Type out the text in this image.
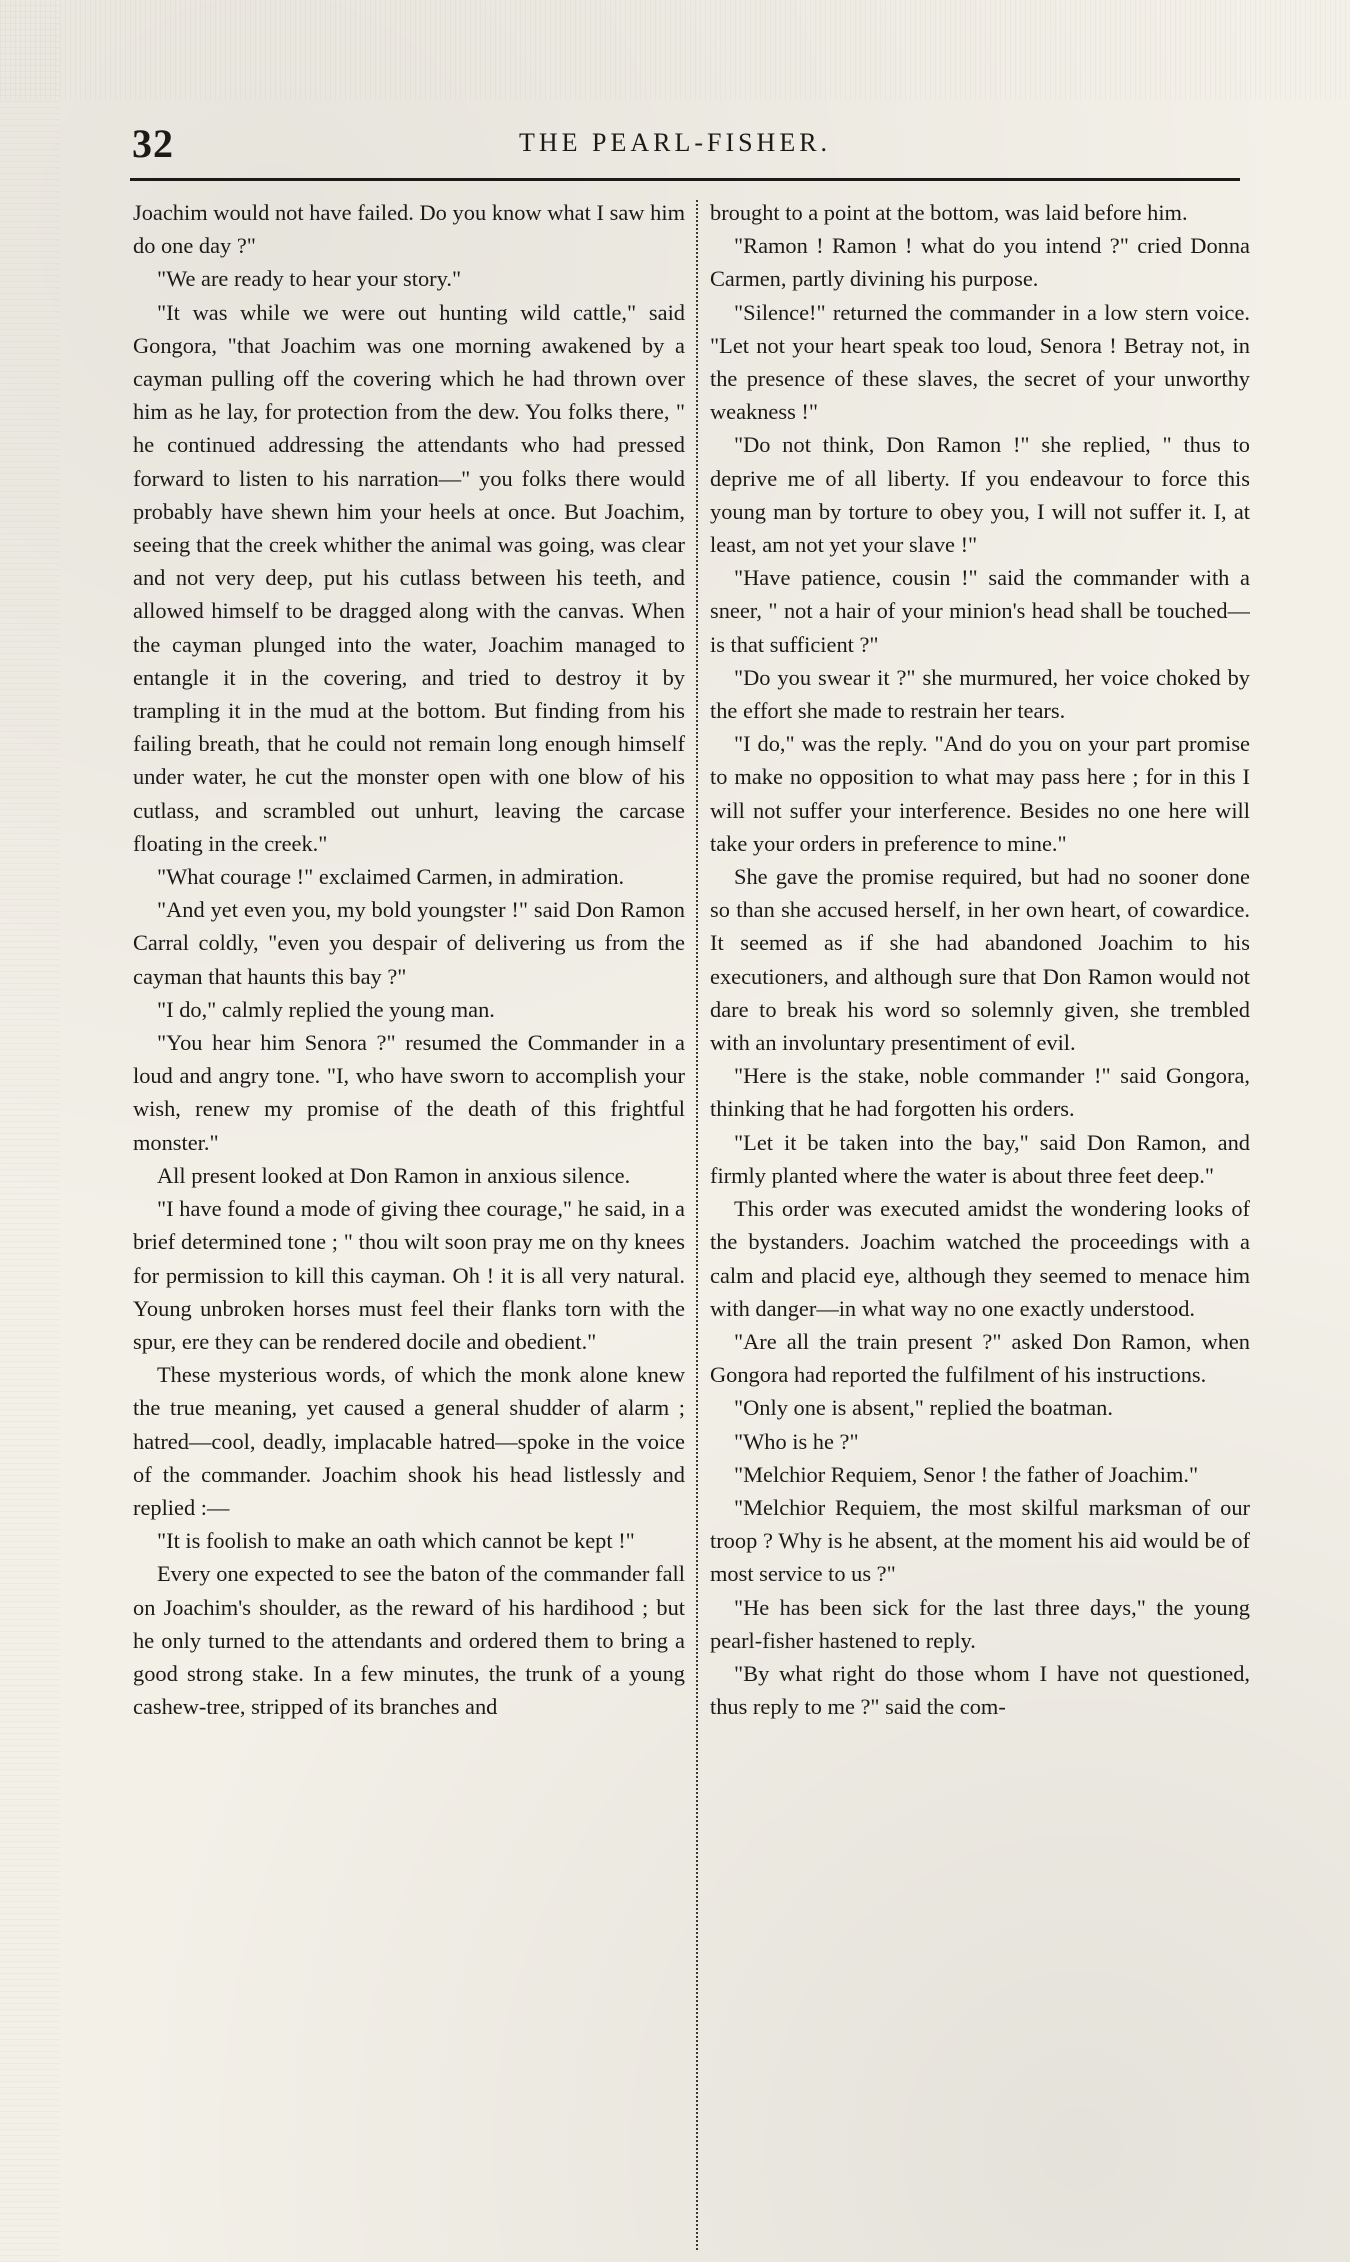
32	THE PEARL-FISHER.

Joachim would not have failed. Do you know what I saw him do one day ?"

"We are ready to hear your story."

"It was while we were out hunting wild cattle," said Gongora, "that Joachim was one morning awakened by a cayman pulling off the covering which he had thrown over him as he lay, for protection from the dew. You folks there, " he continued addressing the attendants who had pressed forward to listen to his narration—" you folks there would probably have shewn him your heels at once. But Joachim, seeing that the creek whither the animal was going, was clear and not very deep, put his cutlass between his teeth, and allowed himself to be dragged along with the canvas. When the cayman plunged into the water, Joachim managed to entangle it in the covering, and tried to destroy it by trampling it in the mud at the bottom. But finding from his failing breath, that he could not remain long enough himself under water, he cut the monster open with one blow of his cutlass, and scrambled out unhurt, leaving the carcase floating in the creek."

"What courage !" exclaimed Carmen, in admiration.

"And yet even you, my bold youngster !" said Don Ramon Carral coldly, "even you despair of delivering us from the cayman that haunts this bay ?"

"I do," calmly replied the young man.

"You hear him Senora ?" resumed the Commander in a loud and angry tone. "I, who have sworn to accomplish your wish, renew my promise of the death of this frightful monster."

All present looked at Don Ramon in anxious silence.

"I have found a mode of giving thee courage," he said, in a brief determined tone ; " thou wilt soon pray me on thy knees for permission to kill this cayman. Oh ! it is all very natural. Young unbroken horses must feel their flanks torn with the spur, ere they can be rendered docile and obedient."

These mysterious words, of which the monk alone knew the true meaning, yet caused a general shudder of alarm ; hatred—cool, deadly, implacable hatred—spoke in the voice of the commander. Joachim shook his head listlessly and replied :—

"It is foolish to make an oath which cannot be kept !"

Every one expected to see the baton of the commander fall on Joachim's shoulder, as the reward of his hardihood ; but he only turned to the attendants and ordered them to bring a good strong stake. In a few minutes, the trunk of a young cashew-tree, stripped of its branches and

brought to a point at the bottom, was laid before him.

"Ramon ! Ramon ! what do you intend ?" cried Donna Carmen, partly divining his purpose.

"Silence!" returned the commander in a low stern voice. "Let not your heart speak too loud, Senora ! Betray not, in the presence of these slaves, the secret of your unworthy weakness !"

"Do not think, Don Ramon !" she replied, " thus to deprive me of all liberty. If you endeavour to force this young man by torture to obey you, I will not suffer it. I, at least, am not yet your slave !"

"Have patience, cousin !" said the commander with a sneer, " not a hair of your minion's head shall be touched—is that sufficient ?"

"Do you swear it ?" she murmured, her voice choked by the effort she made to restrain her tears.

"I do," was the reply. "And do you on your part promise to make no opposition to what may pass here ; for in this I will not suffer your interference. Besides no one here will take your orders in preference to mine."

She gave the promise required, but had no sooner done so than she accused herself, in her own heart, of cowardice. It seemed as if she had abandoned Joachim to his executioners, and although sure that Don Ramon would not dare to break his word so solemnly given, she trembled with an involuntary presentiment of evil.

"Here is the stake, noble commander !" said Gongora, thinking that he had forgotten his orders.

"Let it be taken into the bay," said Don Ramon, and firmly planted where the water is about three feet deep."

This order was executed amidst the wondering looks of the bystanders. Joachim watched the proceedings with a calm and placid eye, although they seemed to menace him with danger—in what way no one exactly understood.

"Are all the train present ?" asked Don Ramon, when Gongora had reported the fulfilment of his instructions.

"Only one is absent," replied the boatman.

"Who is he ?"

"Melchior Requiem, Senor ! the father of Joachim."

"Melchior Requiem, the most skilful marksman of our troop ? Why is he absent, at the moment his aid would be of most service to us ?"

"He has been sick for the last three days," the young pearl-fisher hastened to reply.

"By what right do those whom I have not questioned, thus reply to me ?" said the com-
